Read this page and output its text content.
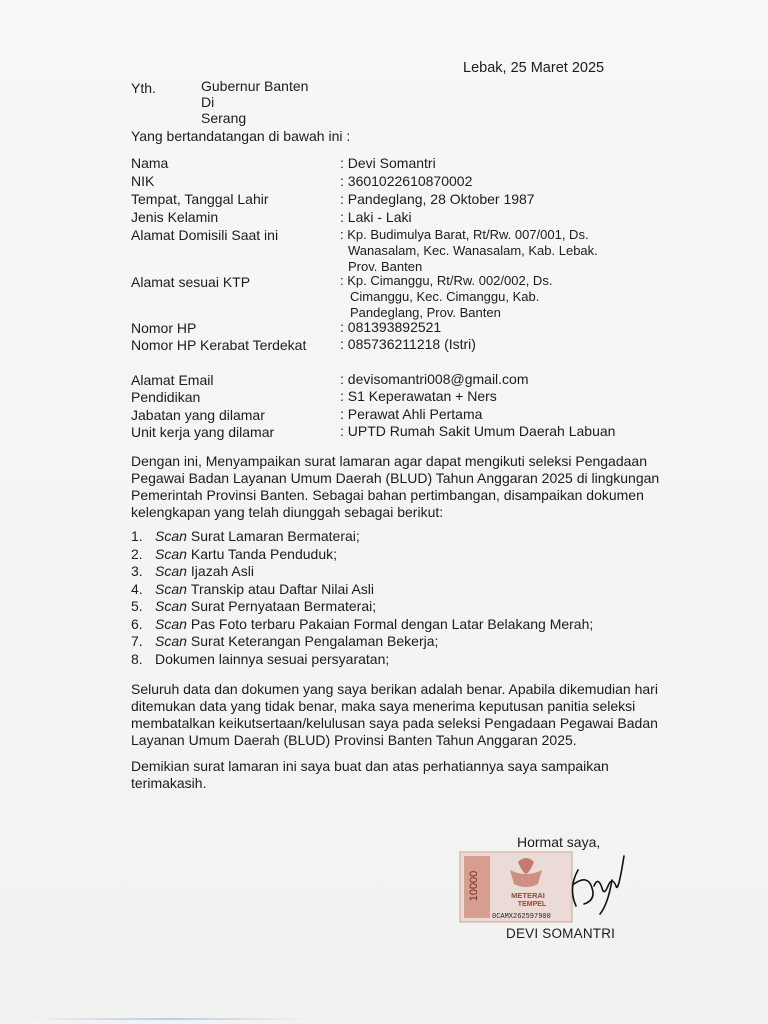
Lebak, 25 Maret 2025
Yth.	Gubernur Banten
Di
Serang
Yang bertandatangan di bawah ini :
Nama	: Devi Somantri
NIK	: 3601022610870002
Tempat, Tanggal Lahir	: Pandeglang, 28 Oktober 1987
Jenis Kelamin	: Laki - Laki
Alamat Domisili Saat ini	: Kp. Budimulya Barat, Rt/Rw. 007/001, Ds.
Wanasalam, Kec. Wanasalam, Kab. Lebak.
Prov. Banten
Alamat sesuai KTP	: Kp. Cimanggu, Rt/Rw. 002/002, Ds.
Cimanggu, Kec. Cimanggu, Kab.
Pandeglang, Prov. Banten
Nomor HP	: 081393892521
Nomor HP Kerabat Terdekat : 085736211218 (Istri)
Alamat Email	: devisomantri008@gmail.com
Pendidikan	: S1 Keperawatan + Ners
Jabatan yang dilamar	: Perawat Ahli Pertama
Unit kerja yang dilamar	: UPTD Rumah Sakit Umum Daerah Labuan
Dengan ini, Menyampaikan surat lamaran agar dapat mengikuti seleksi Pengadaan
Pegawai Badan Layanan Umum Daerah (BLUD) Tahun Anggaran 2025 di lingkungan
Pemerintah Provinsi Banten. Sebagai bahan pertimbangan, disampaikan dokumen
kelengkapan yang telah diunggah sebagai berikut:
1. Scan Surat Lamaran Bermaterai;
2. Scan Kartu Tanda Penduduk;
3. Scan Ijazah Asli
4. Scan Transkip atau Daftar Nilai Asli
5. Scan Surat Pernyataan Bermaterai;
6. Scan Pas Foto terbaru Pakaian Formal dengan Latar Belakang Merah;
7. Scan Surat Keterangan Pengalaman Bekerja;
8. Dokumen lainnya sesuai persyaratan;
Seluruh data dan dokumen yang saya berikan adalah benar. Apabila dikemudian hari
ditemukan data yang tidak benar, maka saya menerima keputusan panitia seleksi
membatalkan keikutsertaan/kelulusan saya pada seleksi Pengadaan Pegawai Badan
Layanan Umum Daerah (BLUD) Provinsi Banten Tahun Anggaran 2025.
Demikian surat lamaran ini saya buat dan atas perhatiannya saya sampaikan
terimakasih.
Hormat saya,
10000	METERAI
TEMPEL
0CAMX262597900
DEVI SOMANTRI
